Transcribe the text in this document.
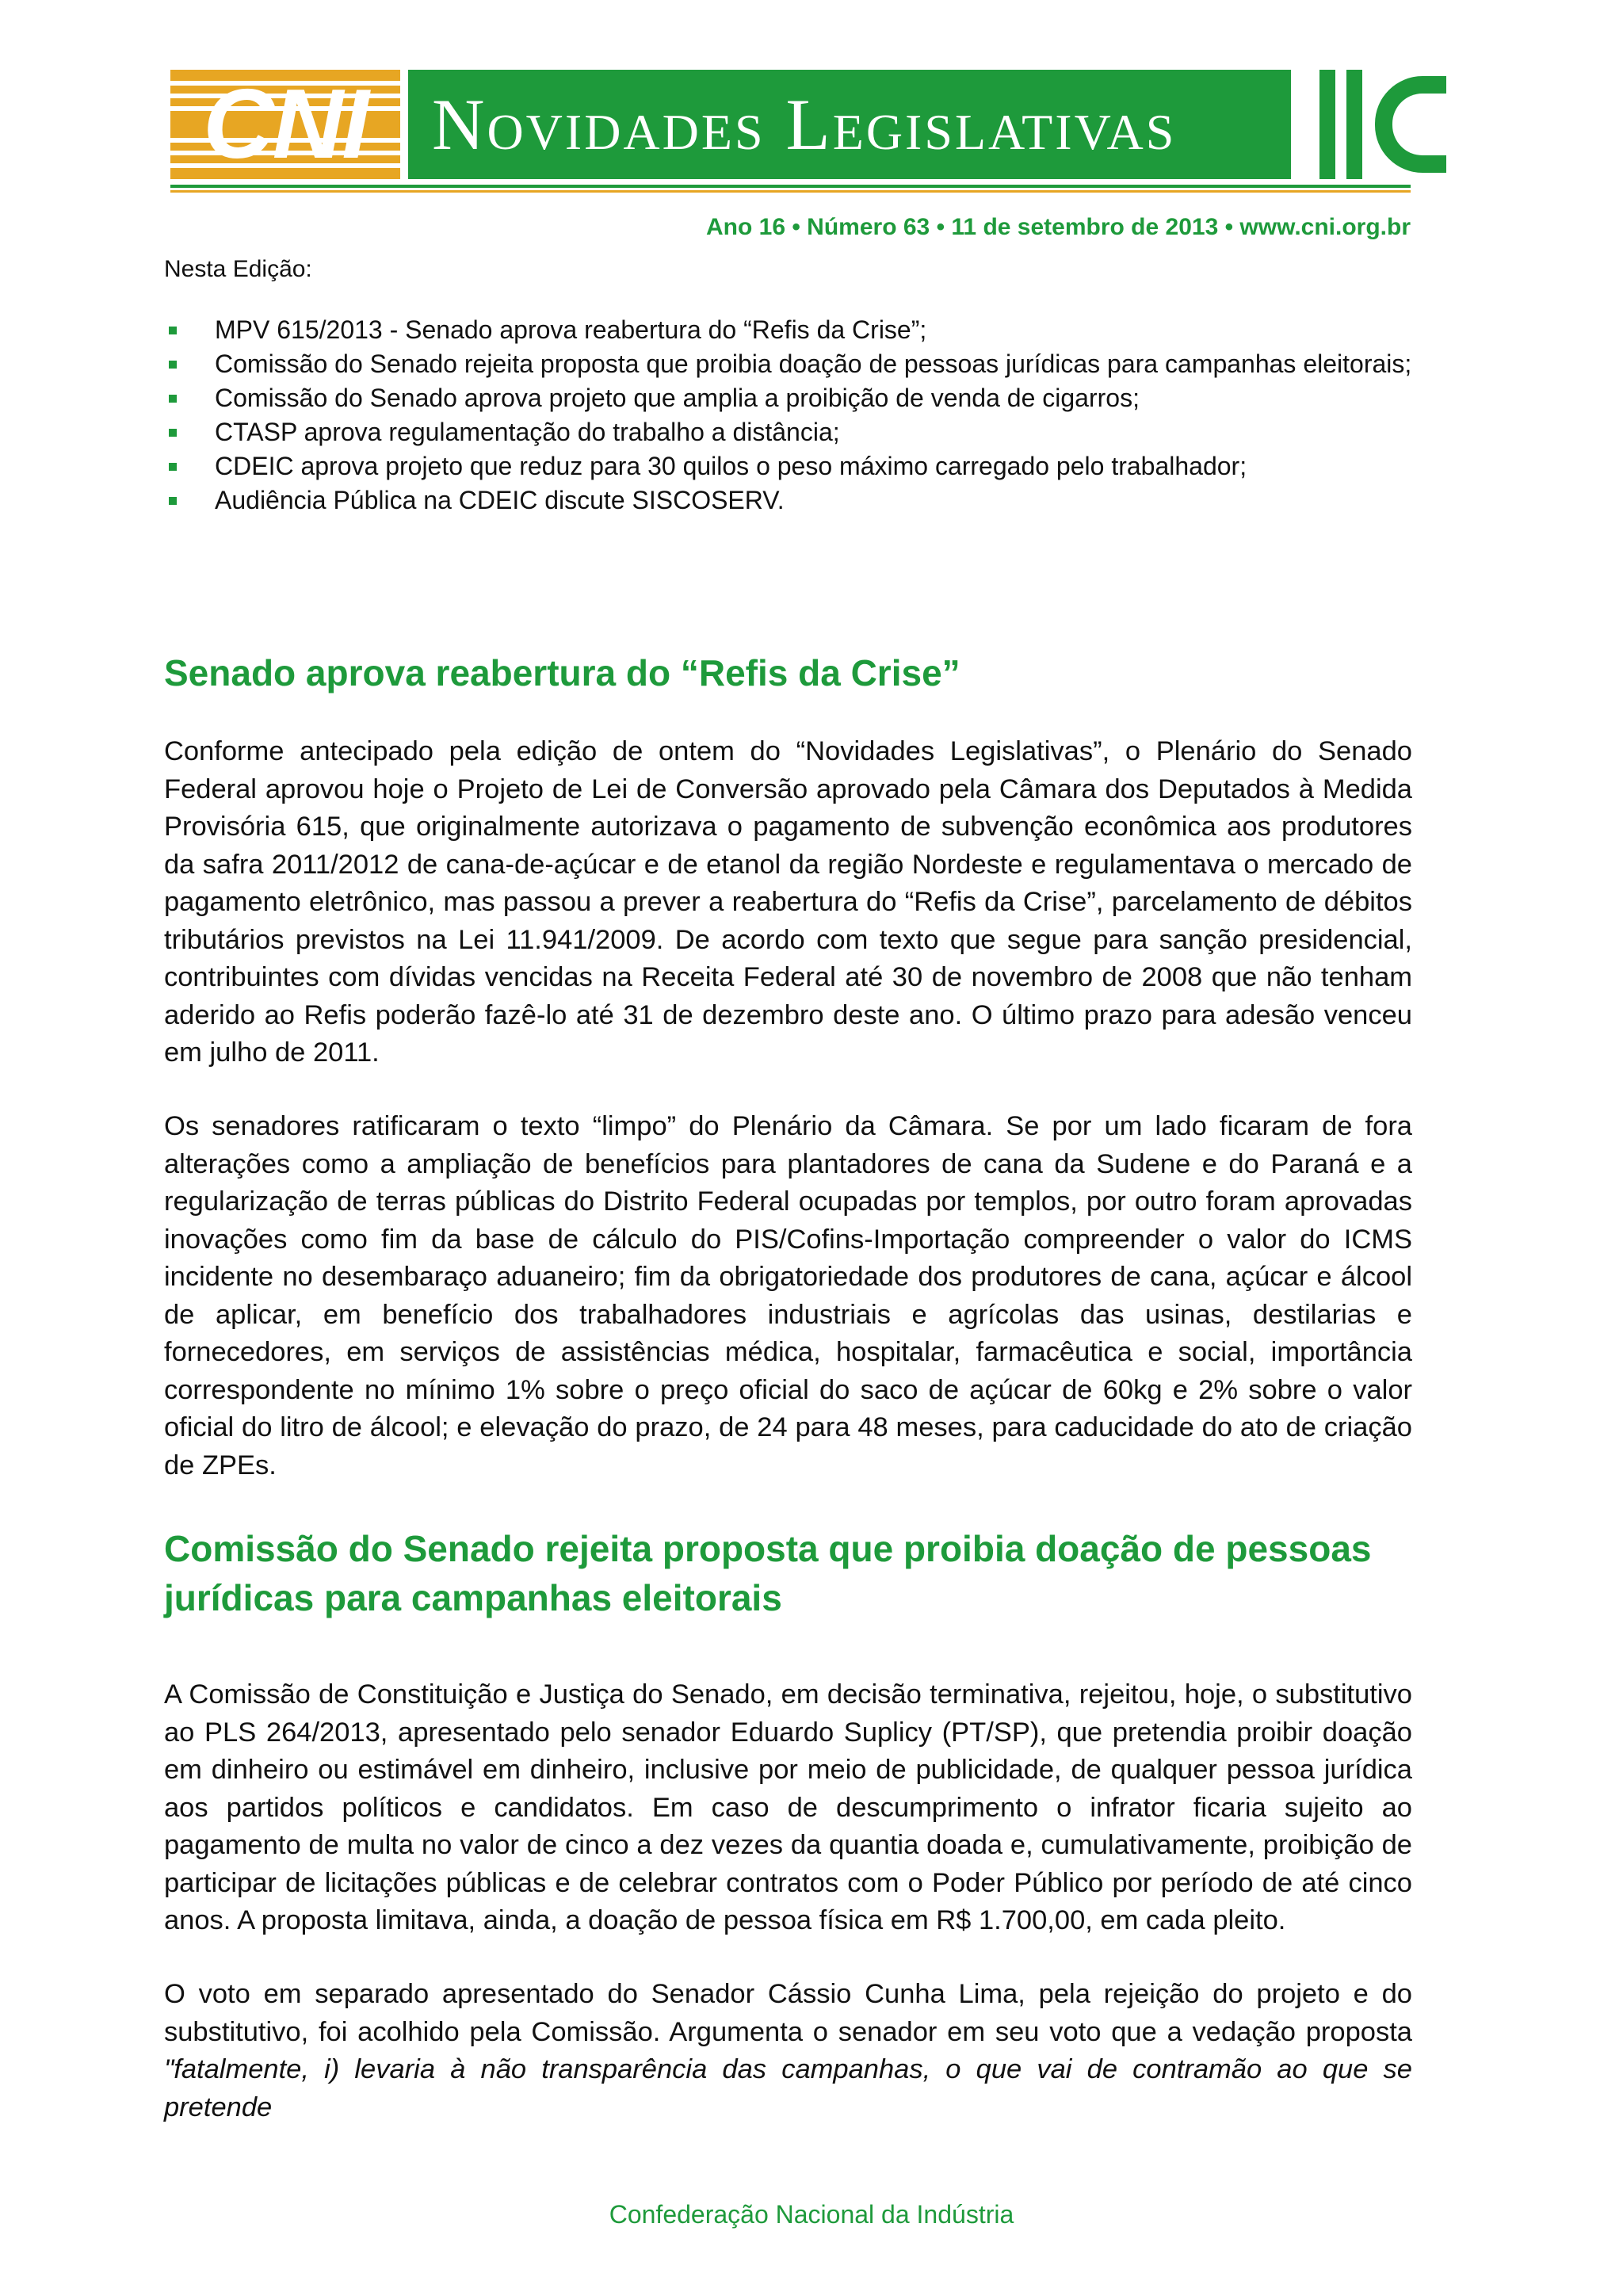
CNI Novidades Legislativas
Ano 16 • Número 63 • 11 de setembro de 2013 • www.cni.org.br
Nesta Edição:
MPV 615/2013 - Senado aprova reabertura do “Refis da Crise”;
Comissão do Senado rejeita proposta que proibia doação de pessoas jurídicas para campanhas eleitorais;
Comissão do Senado aprova projeto que amplia a proibição de venda de cigarros;
CTASP aprova regulamentação do trabalho a distância;
CDEIC aprova projeto que reduz para 30 quilos o peso máximo carregado pelo trabalhador;
Audiência Pública na CDEIC discute SISCOSERV.
Senado aprova reabertura do “Refis da Crise”

Conforme antecipado pela edição de ontem do “Novidades Legislativas”, o Plenário do Senado Federal aprovou hoje o Projeto de Lei de Conversão aprovado pela Câmara dos Deputados à Medida Provisória 615, que originalmente autorizava o pagamento de subvenção econômica aos produtores da safra 2011/2012 de cana-de-açúcar e de etanol da região Nordeste e regulamentava o mercado de pagamento eletrônico, mas passou a prever a reabertura do “Refis da Crise”, parcelamento de débitos tributários previstos na Lei 11.941/2009. De acordo com texto que segue para sanção presidencial, contribuintes com dívidas vencidas na Receita Federal até 30 de novembro de 2008 que não tenham aderido ao Refis poderão fazê-lo até 31 de dezembro deste ano. O último prazo para adesão venceu em julho de 2011.

Os senadores ratificaram o texto “limpo” do Plenário da Câmara. Se por um lado ficaram de fora alterações como a ampliação de benefícios para plantadores de cana da Sudene e do Paraná e a regularização de terras públicas do Distrito Federal ocupadas por templos, por outro foram aprovadas inovações como fim da base de cálculo do PIS/Cofins-Importação compreender o valor do ICMS incidente no desembaraço aduaneiro; fim da obrigatoriedade dos produtores de cana, açúcar e álcool de aplicar, em benefício dos trabalhadores industriais e agrícolas das usinas, destilarias e fornecedores, em serviços de assistências médica, hospitalar, farmacêutica e social, importância correspondente no mínimo 1% sobre o preço oficial do saco de açúcar de 60kg e 2% sobre o valor oficial do litro de álcool; e elevação do prazo, de 24 para 48 meses, para caducidade do ato de criação de ZPEs.

Comissão do Senado rejeita proposta que proibia doação de pessoas jurídicas para campanhas eleitorais

A Comissão de Constituição e Justiça do Senado, em decisão terminativa, rejeitou, hoje, o substitutivo ao PLS 264/2013, apresentado pelo senador Eduardo Suplicy (PT/SP), que pretendia proibir doação em dinheiro ou estimável em dinheiro, inclusive por meio de publicidade, de qualquer pessoa jurídica aos partidos políticos e candidatos. Em caso de descumprimento o infrator ficaria sujeito ao pagamento de multa no valor de cinco a dez vezes da quantia doada e, cumulativamente, proibição de participar de licitações públicas e de celebrar contratos com o Poder Público por período de até cinco anos. A proposta limitava, ainda, a doação de pessoa física em R$ 1.700,00, em cada pleito.

O voto em separado apresentado do Senador Cássio Cunha Lima, pela rejeição do projeto e do substitutivo, foi acolhido pela Comissão. Argumenta o senador em seu voto que a vedação proposta "fatalmente, i) levaria à não transparência das campanhas, o que vai de contramão ao que se pretende

Confederação Nacional da Indústria
